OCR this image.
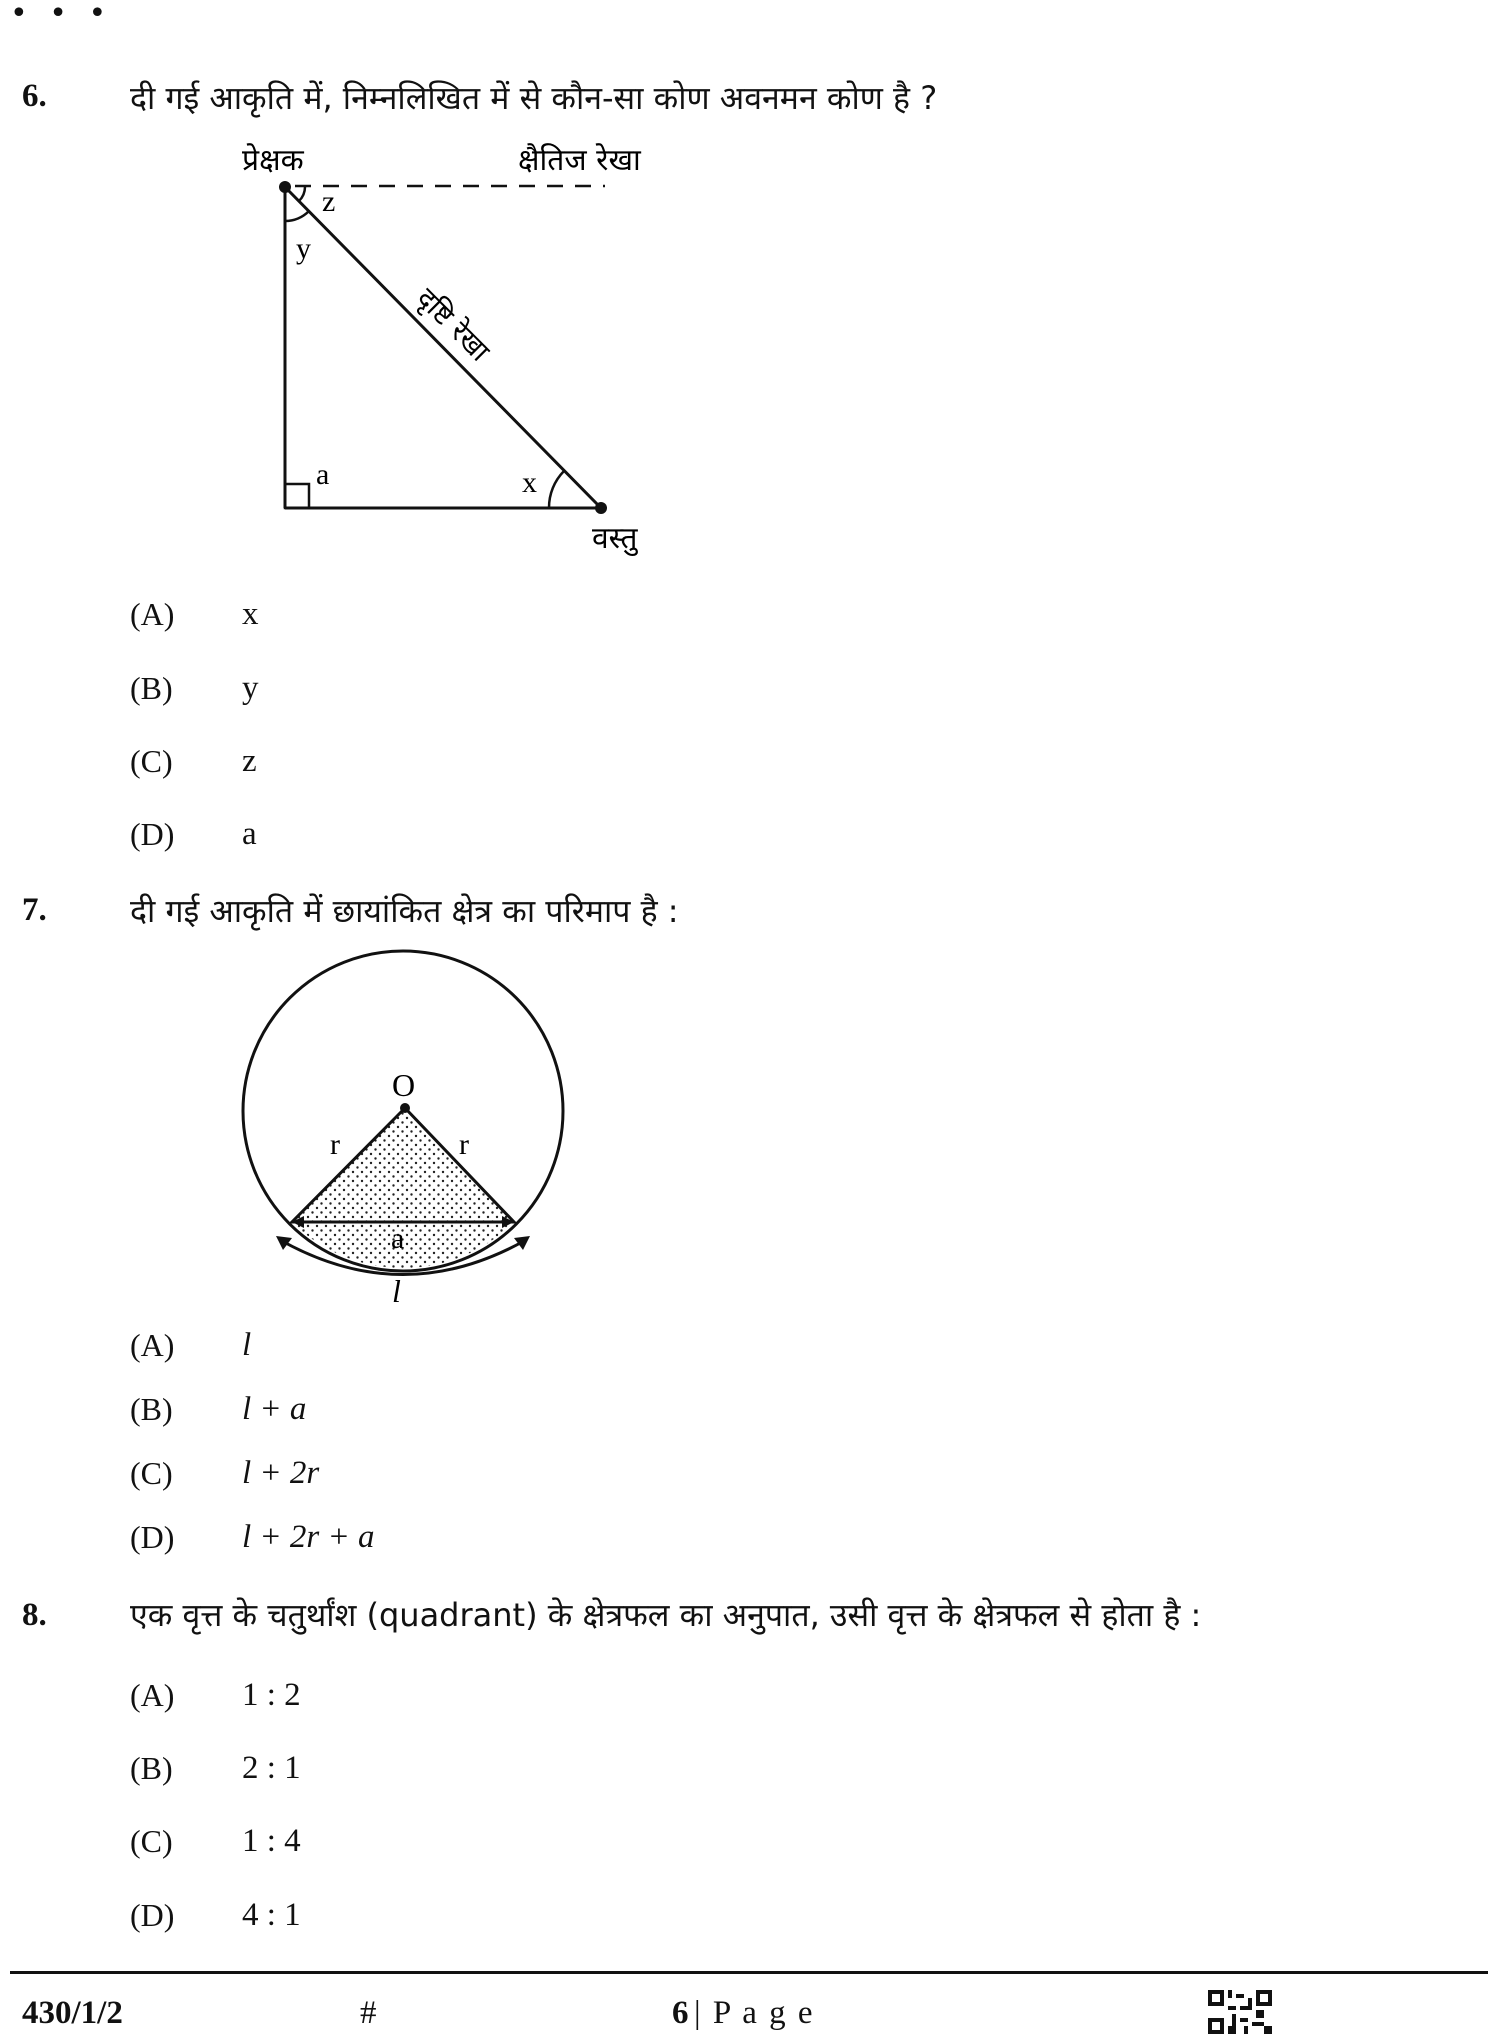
• • •
6.	दी गई आकृति में, निम्नलिखित में से कौन-सा कोण अवनमन कोण है ?
प्रेक्षक	क्षैतिज रेखा
z
y
a	x
दृष्टि रेखा
वस्तु
(A) x
(B) y
(C) z
(D) a
7.	दी गई आकृति में छायांकित क्षेत्र का परिमाप है :
O
r	r
a
l
(A) l
(B) l + a
(C) l + 2r
(D) l + 2r + a
8.	एक वृत्त के चतुर्थांश (quadrant) के क्षेत्रफल का अनुपात, उसी वृत्त के क्षेत्रफल से होता है :
(A) 1 : 2
(B) 2 : 1
(C) 1 : 4
(D) 4 : 1
430/1/2	#	6 | P a g e
